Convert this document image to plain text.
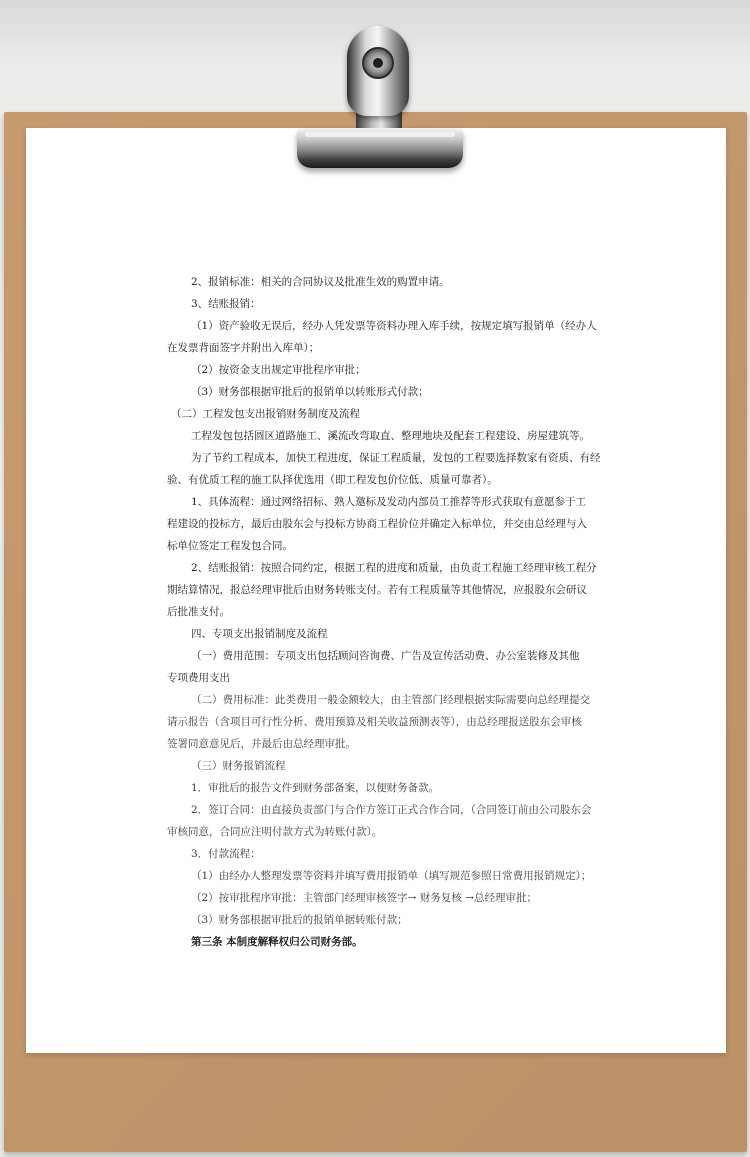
2、报销标准：相关的合同协议及批准生效的购置申请。
3、结账报销：
（1）资产验收无误后，经办人凭发票等资料办理入库手续，按规定填写报销单（经办人
在发票背面签字并附出入库单）；
（2）按资金支出规定审批程序审批；
（3）财务部根据审批后的报销单以转账形式付款；
（二）工程发包支出报销财务制度及流程
工程发包包括圆区道路施工、溪流改弯取直、整理地块及配套工程建设、房屋建筑等。
为了节约工程成本，加快工程进度，保证工程质量，发包的工程要选择数家有资质、有经
验、有优质工程的施工队择优选用（即工程发包价位低、质量可靠者）。
1、具体流程：通过网络招标、熟人邀标及发动内部员工推荐等形式获取有意愿参于工
程建设的投标方，最后由股东会与投标方协商工程价位并确定入标单位，并交由总经理与入
标单位签定工程发包合同。
2、结账报销：按照合同约定，根据工程的进度和质量，由负责工程施工经理审核工程分
期结算情况，报总经理审批后由财务转账支付。若有工程质量等其他情况，应报股东会研议
后批准支付。
四、专项支出报销制度及流程
（一）费用范围：专项支出包括顾问咨询费、广告及宣传活动费、办公室装修及其他
专项费用支出
（二）费用标准：此类费用一般金额较大，由主管部门经理根据实际需要向总经理提交
请示报告（含项目可行性分析、费用预算及相关收益预测表等），由总经理报送股东会审核
签署同意意见后，并最后由总经理审批。
（三）财务报销流程
1．审批后的报告文件到财务部备案，以便财务备款。
2．签订合同：由直接负责部门与合作方签订正式合作合同，（合同签订前由公司股东会
审核同意，合同应注明付款方式为转账付款）。
3．付款流程：
（1）由经办人整理发票等资料并填写费用报销单（填写规范参照日常费用报销规定）；
（2）按审批程序审批：主管部门经理审核签字→ 财务复核 →总经理审批；
（3）财务部根据审批后的报销单据转账付款；
第三条 本制度解释权归公司财务部。
